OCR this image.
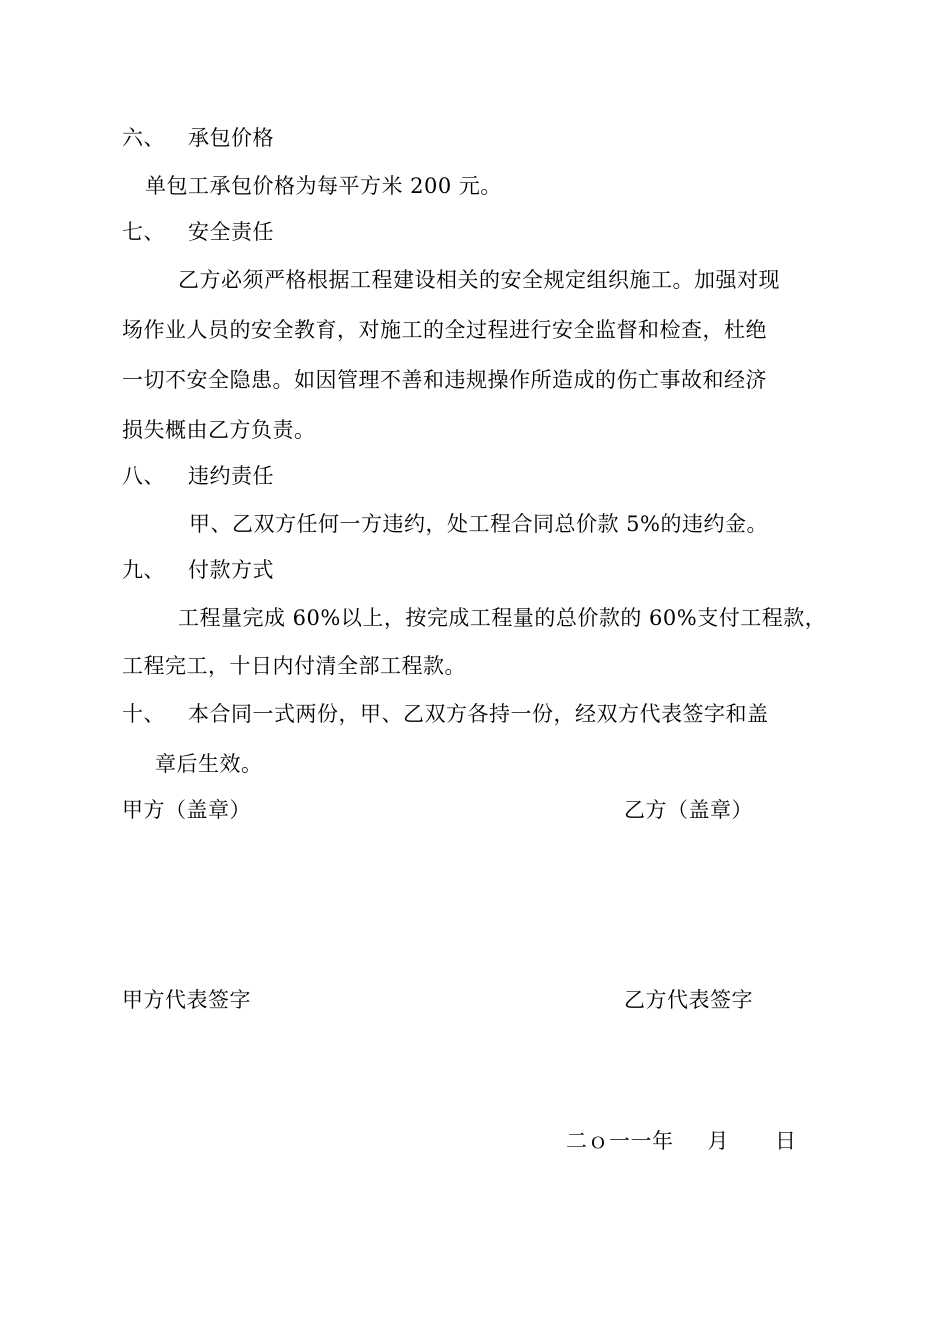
六、 承包价格
单包工承包价格为每平方米 200 元。
七、 安全责任
乙方必须严格根据工程建设相关的安全规定组织施工。加强对现
场作业人员的安全教育，对施工的全过程进行安全监督和检查，杜绝
一切不安全隐患。如因管理不善和违规操作所造成的伤亡事故和经济
损失概由乙方负责。
八、 违约责任
甲、乙双方任何一方违约，处工程合同总价款 5%的违约金。
九、 付款方式
工程量完成 60%以上，按完成工程量的总价款的 60%支付工程款，
工程完工，十日内付清全部工程款。
十、 本合同一式两份，甲、乙双方各持一份，经双方代表签字和盖
章后生效。
甲方（盖章）	乙方（盖章）
甲方代表签字	乙方代表签字
二ｏ一一年 月 日
